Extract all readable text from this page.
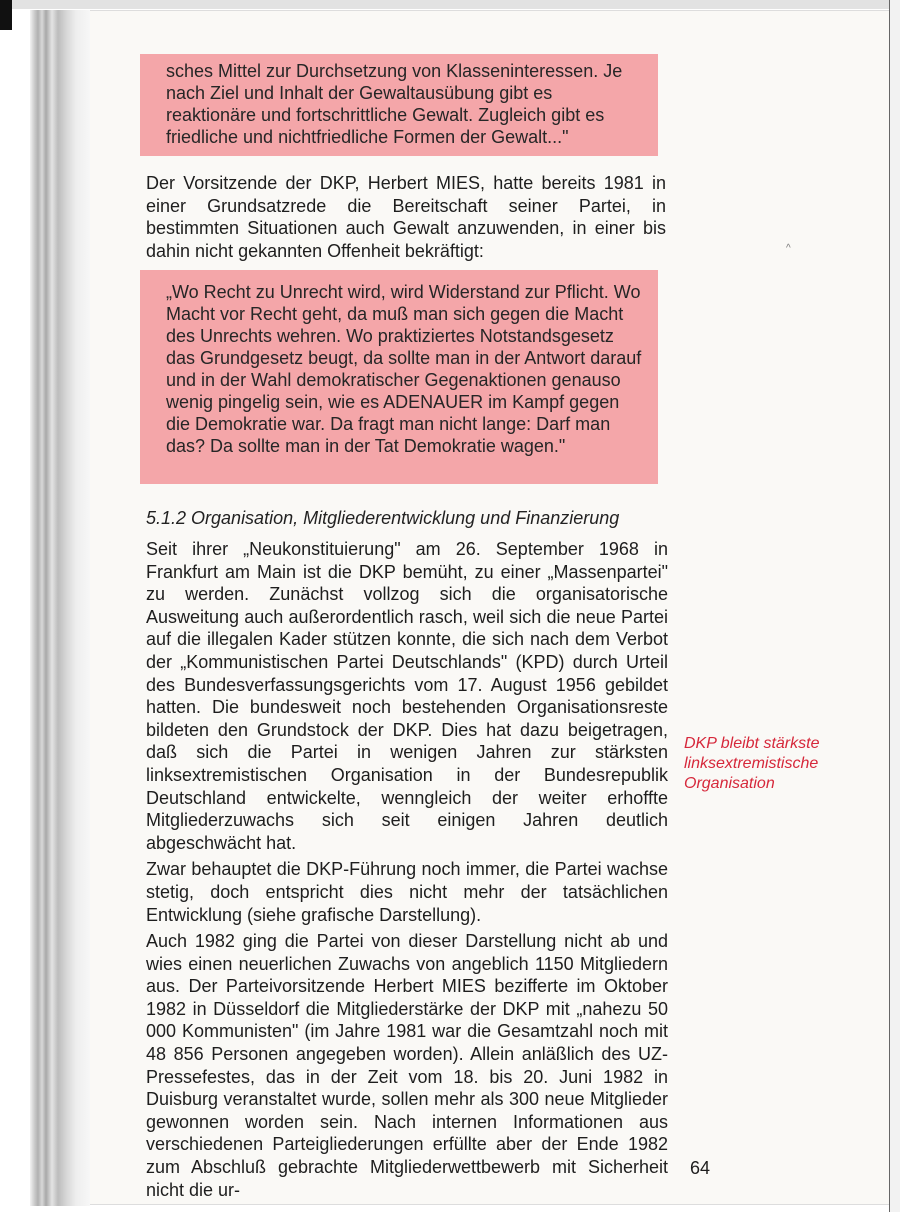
sches Mittel zur Durchsetzung von Klasseninteressen. Je nach Ziel und Inhalt der Gewaltausübung gibt es reaktionäre und fortschrittliche Gewalt. Zugleich gibt es friedliche und nichtfriedliche Formen der Gewalt..."

Der Vorsitzende der DKP, Herbert MIES, hatte bereits 1981 in einer Grundsatzrede die Bereitschaft seiner Partei, in bestimmten Situationen auch Gewalt anzuwenden, in einer bis dahin nicht gekannten Offenheit bekräftigt:

„Wo Recht zu Unrecht wird, wird Widerstand zur Pflicht. Wo Macht vor Recht geht, da muß man sich gegen die Macht des Unrechts wehren. Wo praktiziertes Notstandsgesetz das Grundgesetz beugt, da sollte man in der Antwort darauf und in der Wahl demokratischer Gegenaktionen genauso wenig pingelig sein, wie es ADENAUER im Kampf gegen die Demokratie war. Da fragt man nicht lange: Darf man das? Da sollte man in der Tat Demokratie wagen."

5.1.2 Organisation, Mitgliederentwicklung und Finanzierung

Seit ihrer „Neukonstituierung" am 26. September 1968 in Frankfurt am Main ist die DKP bemüht, zu einer „Massenpartei" zu werden. Zunächst vollzog sich die organisatorische Ausweitung auch außerordentlich rasch, weil sich die neue Partei auf die illegalen Kader stützen konnte, die sich nach dem Verbot der „Kommunistischen Partei Deutschlands" (KPD) durch Urteil des Bundesverfassungsgerichts vom 17. August 1956 gebildet hatten. Die bundesweit noch bestehenden Organisationsreste bildeten den Grundstock der DKP. Dies hat dazu beigetragen, daß sich die Partei in wenigen Jahren zur stärksten linksextremistischen Organisation in der Bundesrepublik Deutschland entwickelte, wenngleich der weiter erhoffte Mitgliederzuwachs sich seit einigen Jahren deutlich abgeschwächt hat.

Zwar behauptet die DKP-Führung noch immer, die Partei wachse stetig, doch entspricht dies nicht mehr der tatsächlichen Entwicklung (siehe grafische Darstellung).

Auch 1982 ging die Partei von dieser Darstellung nicht ab und wies einen neuerlichen Zuwachs von angeblich 1150 Mitgliedern aus. Der Parteivorsitzende Herbert MIES bezifferte im Oktober 1982 in Düsseldorf die Mitgliederstärke der DKP mit „nahezu 50 000 Kommunisten" (im Jahre 1981 war die Gesamtzahl noch mit 48 856 Personen angegeben worden). Allein anläßlich des UZ-Pressefestes, das in der Zeit vom 18. bis 20. Juni 1982 in Duisburg veranstaltet wurde, sollen mehr als 300 neue Mitglieder gewonnen worden sein. Nach internen Informationen aus verschiedenen Parteigliederungen erfüllte aber der Ende 1982 zum Abschluß gebrachte Mitgliederwettbewerb mit Sicherheit nicht die ur-

DKP bleibt stärkste linksextremistische Organisation

64
^
